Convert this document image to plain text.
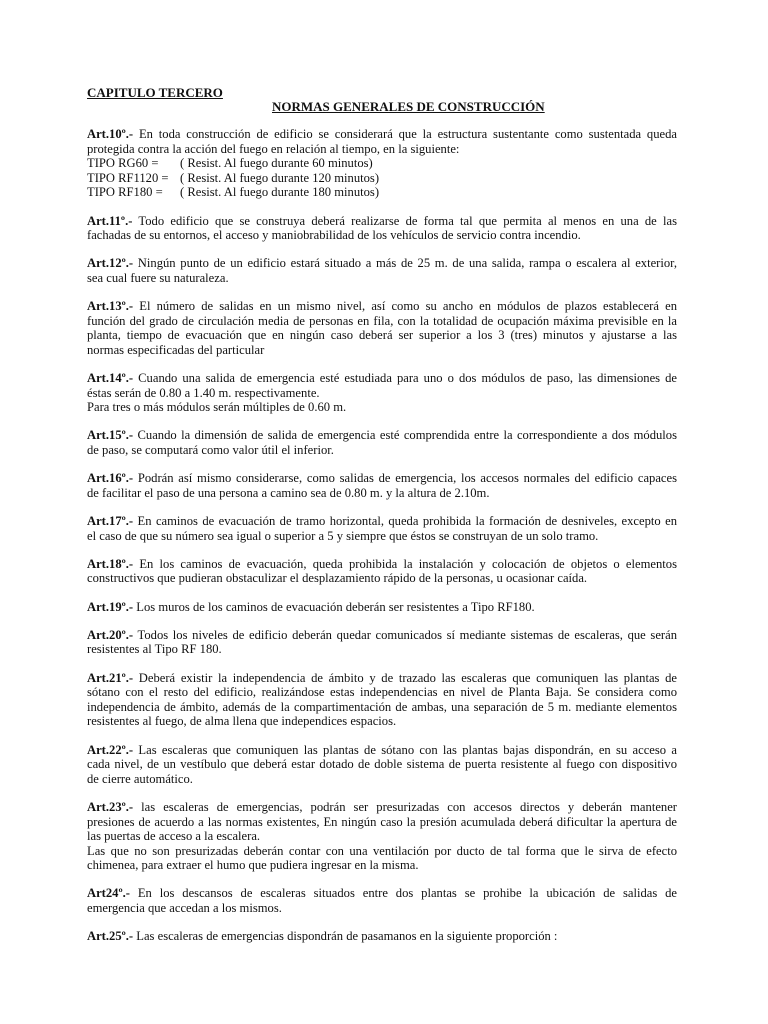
CAPITULO TERCERO
NORMAS GENERALES DE CONSTRUCCIÓN
Art.10º.- En toda construcción de edificio se considerará que la estructura sustentante como sustentada queda
protegida contra la acción del fuego en relación al tiempo, en la siguiente:
TIPO RG60 = ( Resist. Al fuego durante 60 minutos)
TIPO RF1120 = ( Resist. Al fuego durante 120 minutos)
TIPO RF180 = ( Resist. Al fuego durante 180 minutos)
Art.11º.- Todo edificio que se construya deberá realizarse de forma tal que permita al menos en una de las
fachadas de su entornos, el acceso y maniobrabilidad de los vehículos de servicio contra incendio.
Art.12º.- Ningún punto de un edificio estará situado a más de 25 m. de una salida, rampa o escalera al exterior,
sea cual fuere su naturaleza.
Art.13º.- El número de salidas en un mismo nivel, así como su ancho en módulos de plazos establecerá en
función del grado de circulación media de personas en fila, con la totalidad de ocupación máxima previsible en la
planta, tiempo de evacuación que en ningún caso deberá ser superior a los 3 (tres) minutos y ajustarse a las
normas especificadas del particular
Art.14º.- Cuando una salida de emergencia esté estudiada para uno o dos módulos de paso, las dimensiones de
éstas serán de 0.80 a 1.40 m. respectivamente.
Para tres o más módulos serán múltiples de 0.60 m.
Art.15º.- Cuando la dimensión de salida de emergencia esté comprendida entre la correspondiente a dos módulos
de paso, se computará como valor útil el inferior.
Art.16º.- Podrán así mismo considerarse, como salidas de emergencia, los accesos normales del edificio capaces
de facilitar el paso de una persona a camino sea de 0.80 m. y la altura de 2.10m.
Art.17º.- En caminos de evacuación de tramo horizontal, queda prohibida la formación de desniveles, excepto en
el caso de que su número sea igual o superior a 5 y siempre que éstos se construyan de un solo tramo.
Art.18º.- En los caminos de evacuación, queda prohibida la instalación y colocación de objetos o elementos
constructivos que pudieran obstaculizar el desplazamiento rápido de la personas, u ocasionar caída.
Art.19º.- Los muros de los caminos de evacuación deberán ser resistentes a Tipo RF180.
Art.20º.- Todos los niveles de edificio deberán quedar comunicados sí mediante sistemas de escaleras, que serán
resistentes al Tipo RF 180.
Art.21º.- Deberá existir la independencia de ámbito y de trazado las escaleras que comuniquen las plantas de
sótano con el resto del edificio, realizándose estas independencias en nivel de Planta Baja. Se considera como
independencia de ámbito, además de la compartimentación de ambas, una separación de 5 m. mediante elementos
resistentes al fuego, de alma llena que independices espacios.
Art.22º.- Las escaleras que comuniquen las plantas de sótano con las plantas bajas dispondrán, en su acceso a
cada nivel, de un vestíbulo que deberá estar dotado de doble sistema de puerta resistente al fuego con dispositivo
de cierre automático.
Art.23º.- las escaleras de emergencias, podrán ser presurizadas con accesos directos y deberán mantener
presiones de acuerdo a las normas existentes, En ningún caso la presión acumulada deberá dificultar la apertura de
las puertas de acceso a la escalera.
Las que no son presurizadas deberán contar con una ventilación por ducto de tal forma que le sirva de efecto
chimenea, para extraer el humo que pudiera ingresar en la misma.
Art24º.- En los descansos de escaleras situados entre dos plantas se prohibe la ubicación de salidas de
emergencia que accedan a los mismos.
Art.25º.- Las escaleras de emergencias dispondrán de pasamanos en la siguiente proporción :
